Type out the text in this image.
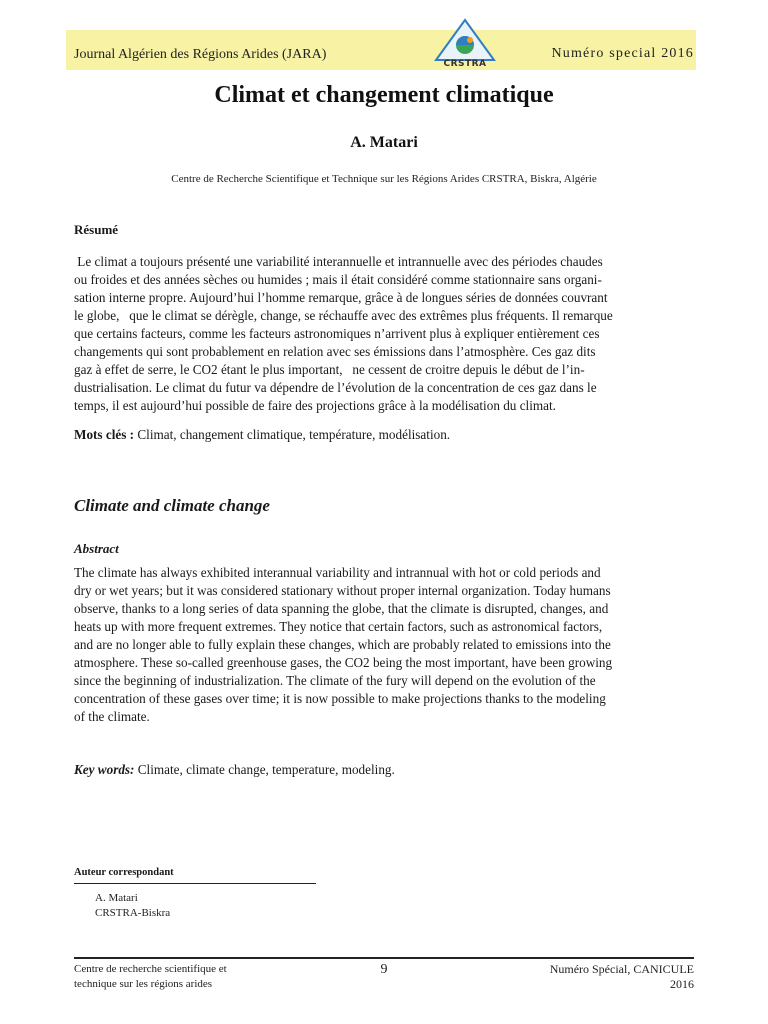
Journal Algérien des Régions Arides (JARA)	Numéro special 2016
CRSTRA
Climat et changement climatique
A. Matari
Centre de Recherche Scientifique et Technique sur les Régions Arides CRSTRA, Biskra, Algérie
Résumé
Le climat a toujours présenté une variabilité interannuelle et intrannuelle avec des périodes chaudes
ou froides et des années sèches ou humides ; mais il était considéré comme stationnaire sans organi-
sation interne propre. Aujourd’hui l’homme remarque, grâce à de longues séries de données couvrant
le globe,   que le climat se dérègle, change, se réchauffe avec des extrêmes plus fréquents. Il remarque
que certains facteurs, comme les facteurs astronomiques n’arrivent plus à expliquer entièrement ces
changements qui sont probablement en relation avec ses émissions dans l’atmosphère. Ces gaz dits
gaz à effet de serre, le CO2 étant le plus important,   ne cessent de croitre depuis le début de l’in-
dustrialisation. Le climat du futur va dépendre de l’évolution de la concentration de ces gaz dans le
temps, il est aujourd’hui possible de faire des projections grâce à la modélisation du climat.
Mots clés : Climat, changement climatique, température, modélisation.
Climate and climate change
Abstract
The climate has always exhibited interannual variability and intrannual with hot or cold periods and
dry or wet years; but it was considered stationary without proper internal organization. Today humans
observe, thanks to a long series of data spanning the globe, that the climate is disrupted, changes, and
heats up with more frequent extremes. They notice that certain factors, such as astronomical factors,
and are no longer able to fully explain these changes, which are probably related to emissions into the
atmosphere. These so-called greenhouse gases, the CO2 being the most important, have been growing
since the beginning of industrialization. The climate of the fury will depend on the evolution of the
concentration of these gases over time; it is now possible to make projections thanks to the modeling
of the climate.
Key words: Climate, climate change, temperature, modeling.
Auteur correspondant
A. Matari
CRSTRA-Biskra
Centre de recherche scientifique et
technique sur les régions arides
9	Numéro Spécial, CANICULE
2016
